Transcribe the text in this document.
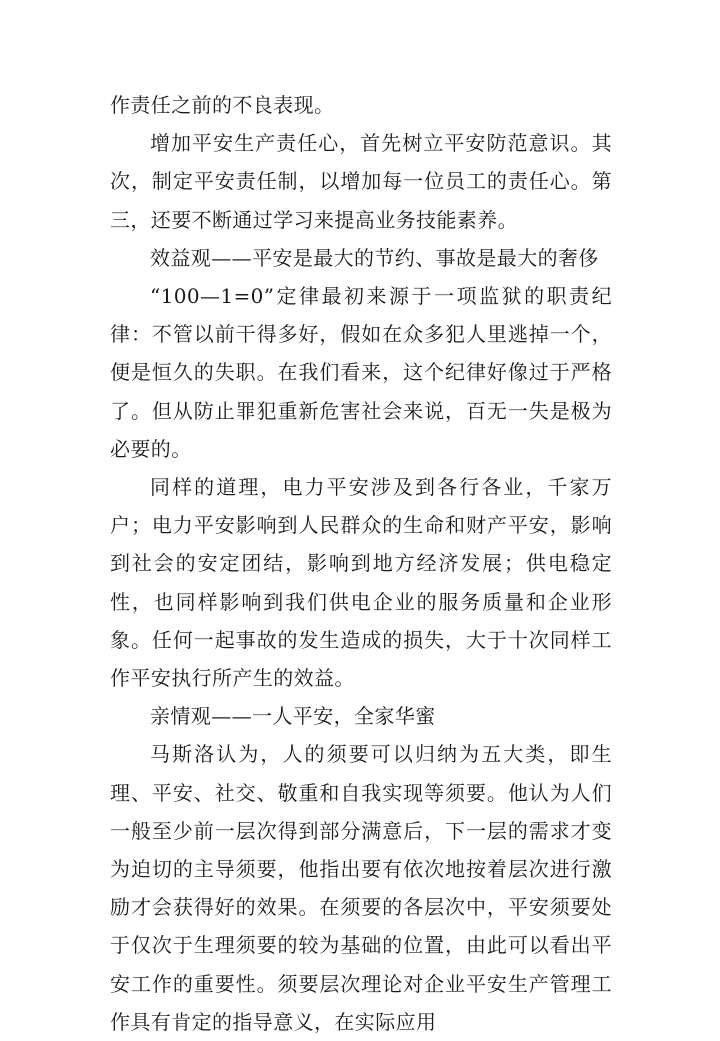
作责任之前的不良表现。

增加平安生产责任心，首先树立平安防范意识。其次，制定平安责任制，以增加每一位员工的责任心。第三，还要不断通过学习来提高业务技能素养。

效益观——平安是最大的节约、事故是最大的奢侈

“100—1=0”定律最初来源于一项监狱的职责纪律：不管以前干得多好，假如在众多犯人里逃掉一个，便是恒久的失职。在我们看来，这个纪律好像过于严格了。但从防止罪犯重新危害社会来说，百无一失是极为必要的。

同样的道理，电力平安涉及到各行各业，千家万户；电力平安影响到人民群众的生命和财产平安，影响到社会的安定团结，影响到地方经济发展；供电稳定性，也同样影响到我们供电企业的服务质量和企业形象。任何一起事故的发生造成的损失，大于十次同样工作平安执行所产生的效益。

亲情观——一人平安，全家华蜜

马斯洛认为，人的须要可以归纳为五大类，即生理、平安、社交、敬重和自我实现等须要。他认为人们一般至少前一层次得到部分满意后，下一层的需求才变为迫切的主导须要，他指出要有依次地按着层次进行激励才会获得好的效果。在须要的各层次中，平安须要处于仅次于生理须要的较为基础的位置，由此可以看出平安工作的重要性。须要层次理论对企业平安生产管理工作具有肯定的指导意义，在实际应用
